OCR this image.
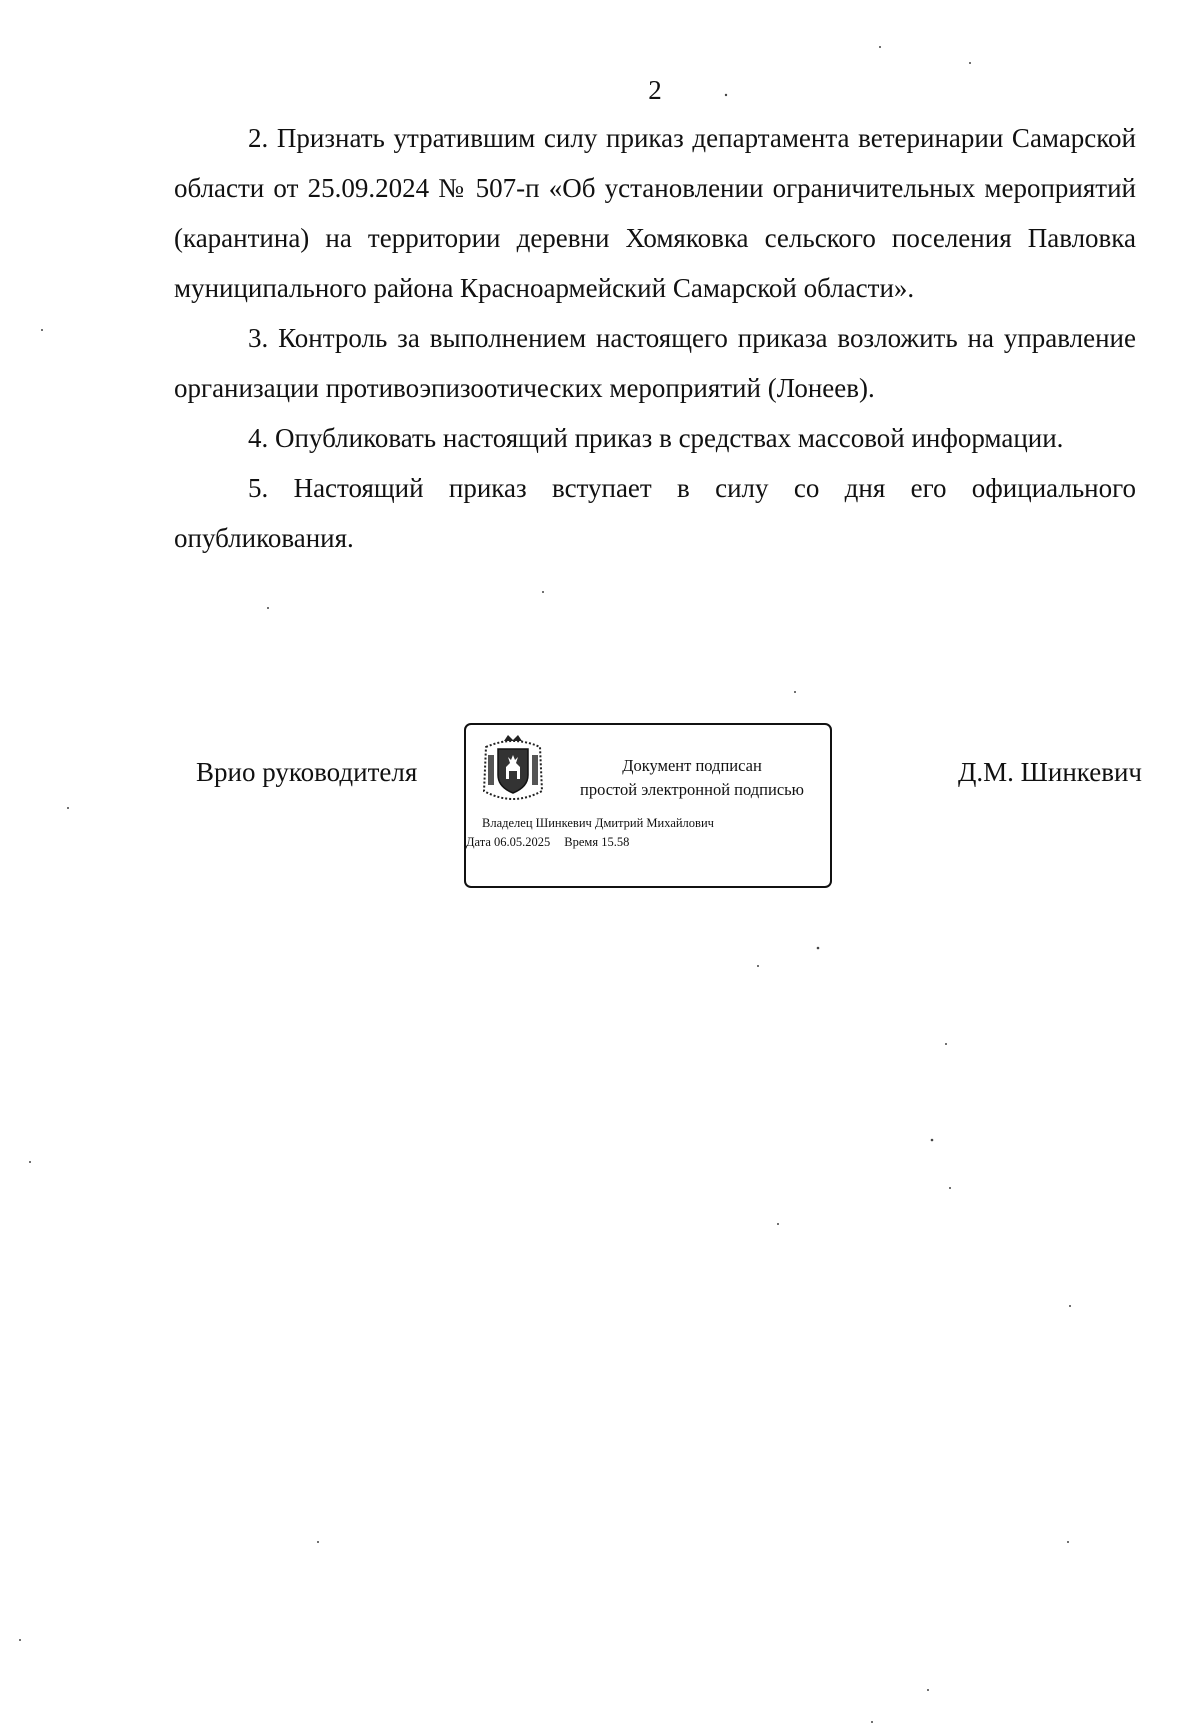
2

2. Признать утратившим силу приказ департамента ветеринарии Самарской области от 25.09.2024 № 507-п «Об установлении ограничительных мероприятий (карантина) на территории деревни Хомяковка сельского поселения Павловка муниципального района Красноармейский Самарской области».

3. Контроль за выполнением настоящего приказа возложить на управление организации противоэпизоотических мероприятий (Лонеев).

4. Опубликовать настоящий приказ в средствах массовой информации.

5. Настоящий приказ вступает в силу со дня его официального опубликования.

Врио руководителя	Документ подписан
простой электронной подписью
Владелец Шинкевич Дмитрий Михайлович
Дата 06.05.2025 Время 15.58
Д.М. Шинкевич
